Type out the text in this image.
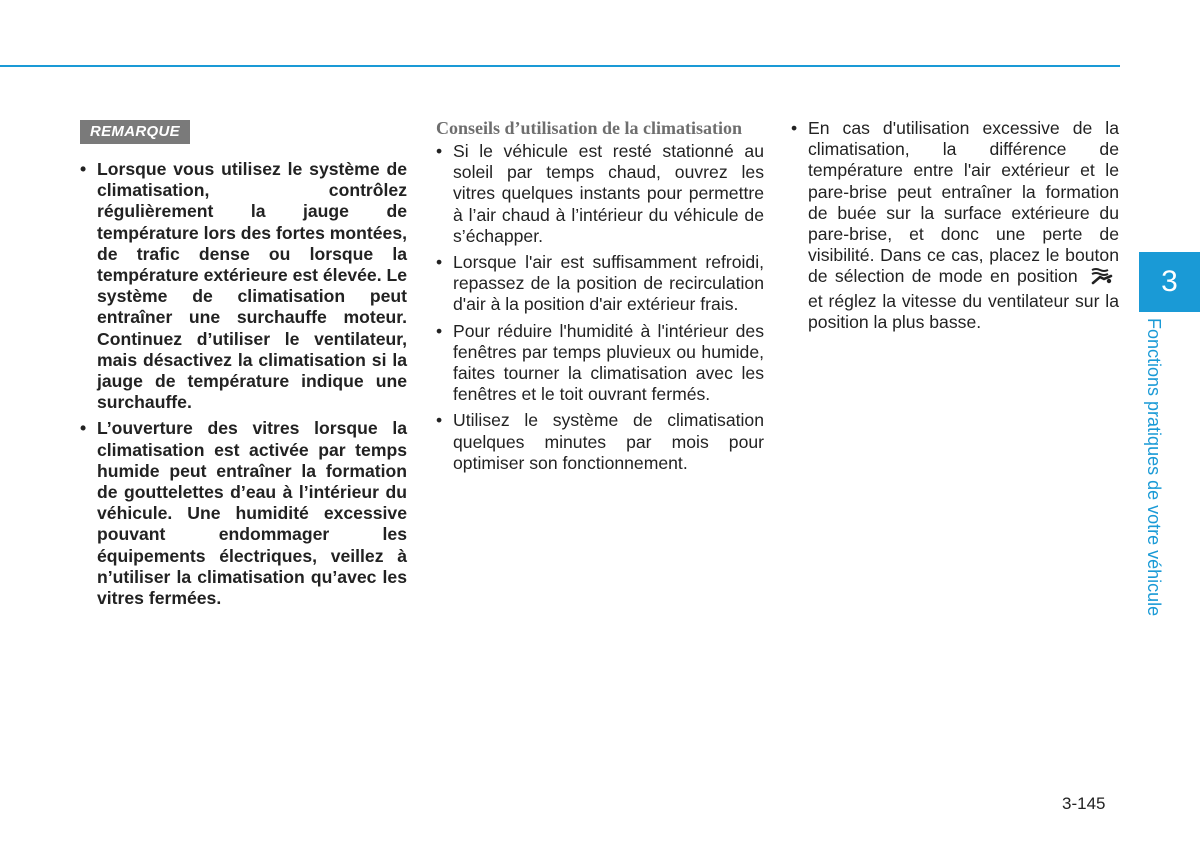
REMARQUE
• Lorsque vous utilisez le système de climatisation, contrôlez régulièrement la jauge de température lors des fortes montées, de trafic dense ou lorsque la température extérieure est élevée. Le système de climatisation peut entraîner une surchauffe moteur. Continuez d’utiliser le ventilateur, mais désactivez la climatisation si la jauge de température indique une surchauffe.
• L’ouverture des vitres lorsque la climatisation est activée par temps humide peut entraîner la formation de gouttelettes d’eau à l’intérieur du véhicule. Une humidité excessive pouvant endommager les équipements électriques, veillez à n’utiliser la climatisation qu’avec les vitres fermées.
Conseils d’utilisation de la climatisation
• Si le véhicule est resté stationné au soleil par temps chaud, ouvrez les vitres quelques instants pour permettre à l’air chaud à l’intérieur du véhicule de s’échapper.
• Lorsque l'air est suffisamment refroidi, repassez de la position de recirculation d'air à la position d'air extérieur frais.
• Pour réduire l'humidité à l'intérieur des fenêtres par temps pluvieux ou humide, faites tourner la climatisation avec les fenêtres et le toit ouvrant fermés.
• Utilisez le système de climatisation quelques minutes par mois pour optimiser son fonctionnement.
• En cas d'utilisation excessive de la climatisation, la différence de température entre l'air extérieur et le pare-brise peut entraîner la formation de buée sur la surface extérieure du pare-brise, et donc une perte de visibilité. Dans ce cas, placez le bouton de sélection de mode en position  et réglez la vitesse du ventilateur sur la position la plus basse.
3
Fonctions pratiques de votre véhicule
3-145
